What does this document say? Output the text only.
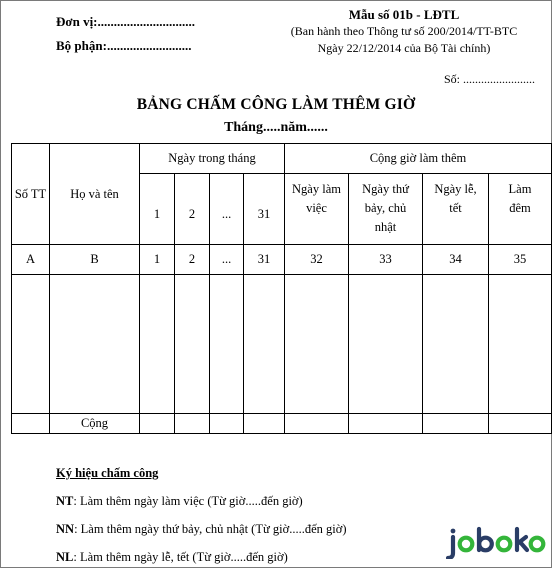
Đơn vị:..............................
Bộ phận:..........................
Mẫu số 01b - LĐTL
(Ban hành theo Thông tư số 200/2014/TT-BTC
Ngày 22/12/2014 của Bộ Tài chính)
Số: ........................
BẢNG CHẤM CÔNG LÀM THÊM GIỜ
Tháng.....năm......
Số TT	Họ và tên	Ngày trong tháng				Cộng giờ làm thêm			
		1	2	...	31	Ngày làm việc	Ngày thứ bảy, chủ nhật	Ngày lễ, tết	Làm đêm
A	B	1	2	...	31	32	33	34	35

	Cộng								
Ký hiệu chấm công
NT: Làm thêm ngày làm việc (Từ giờ.....đến giờ)
NN: Làm thêm ngày thứ bảy, chủ nhật (Từ giờ.....đến giờ)
NL: Làm thêm ngày lễ, tết (Từ giờ.....đến giờ)
